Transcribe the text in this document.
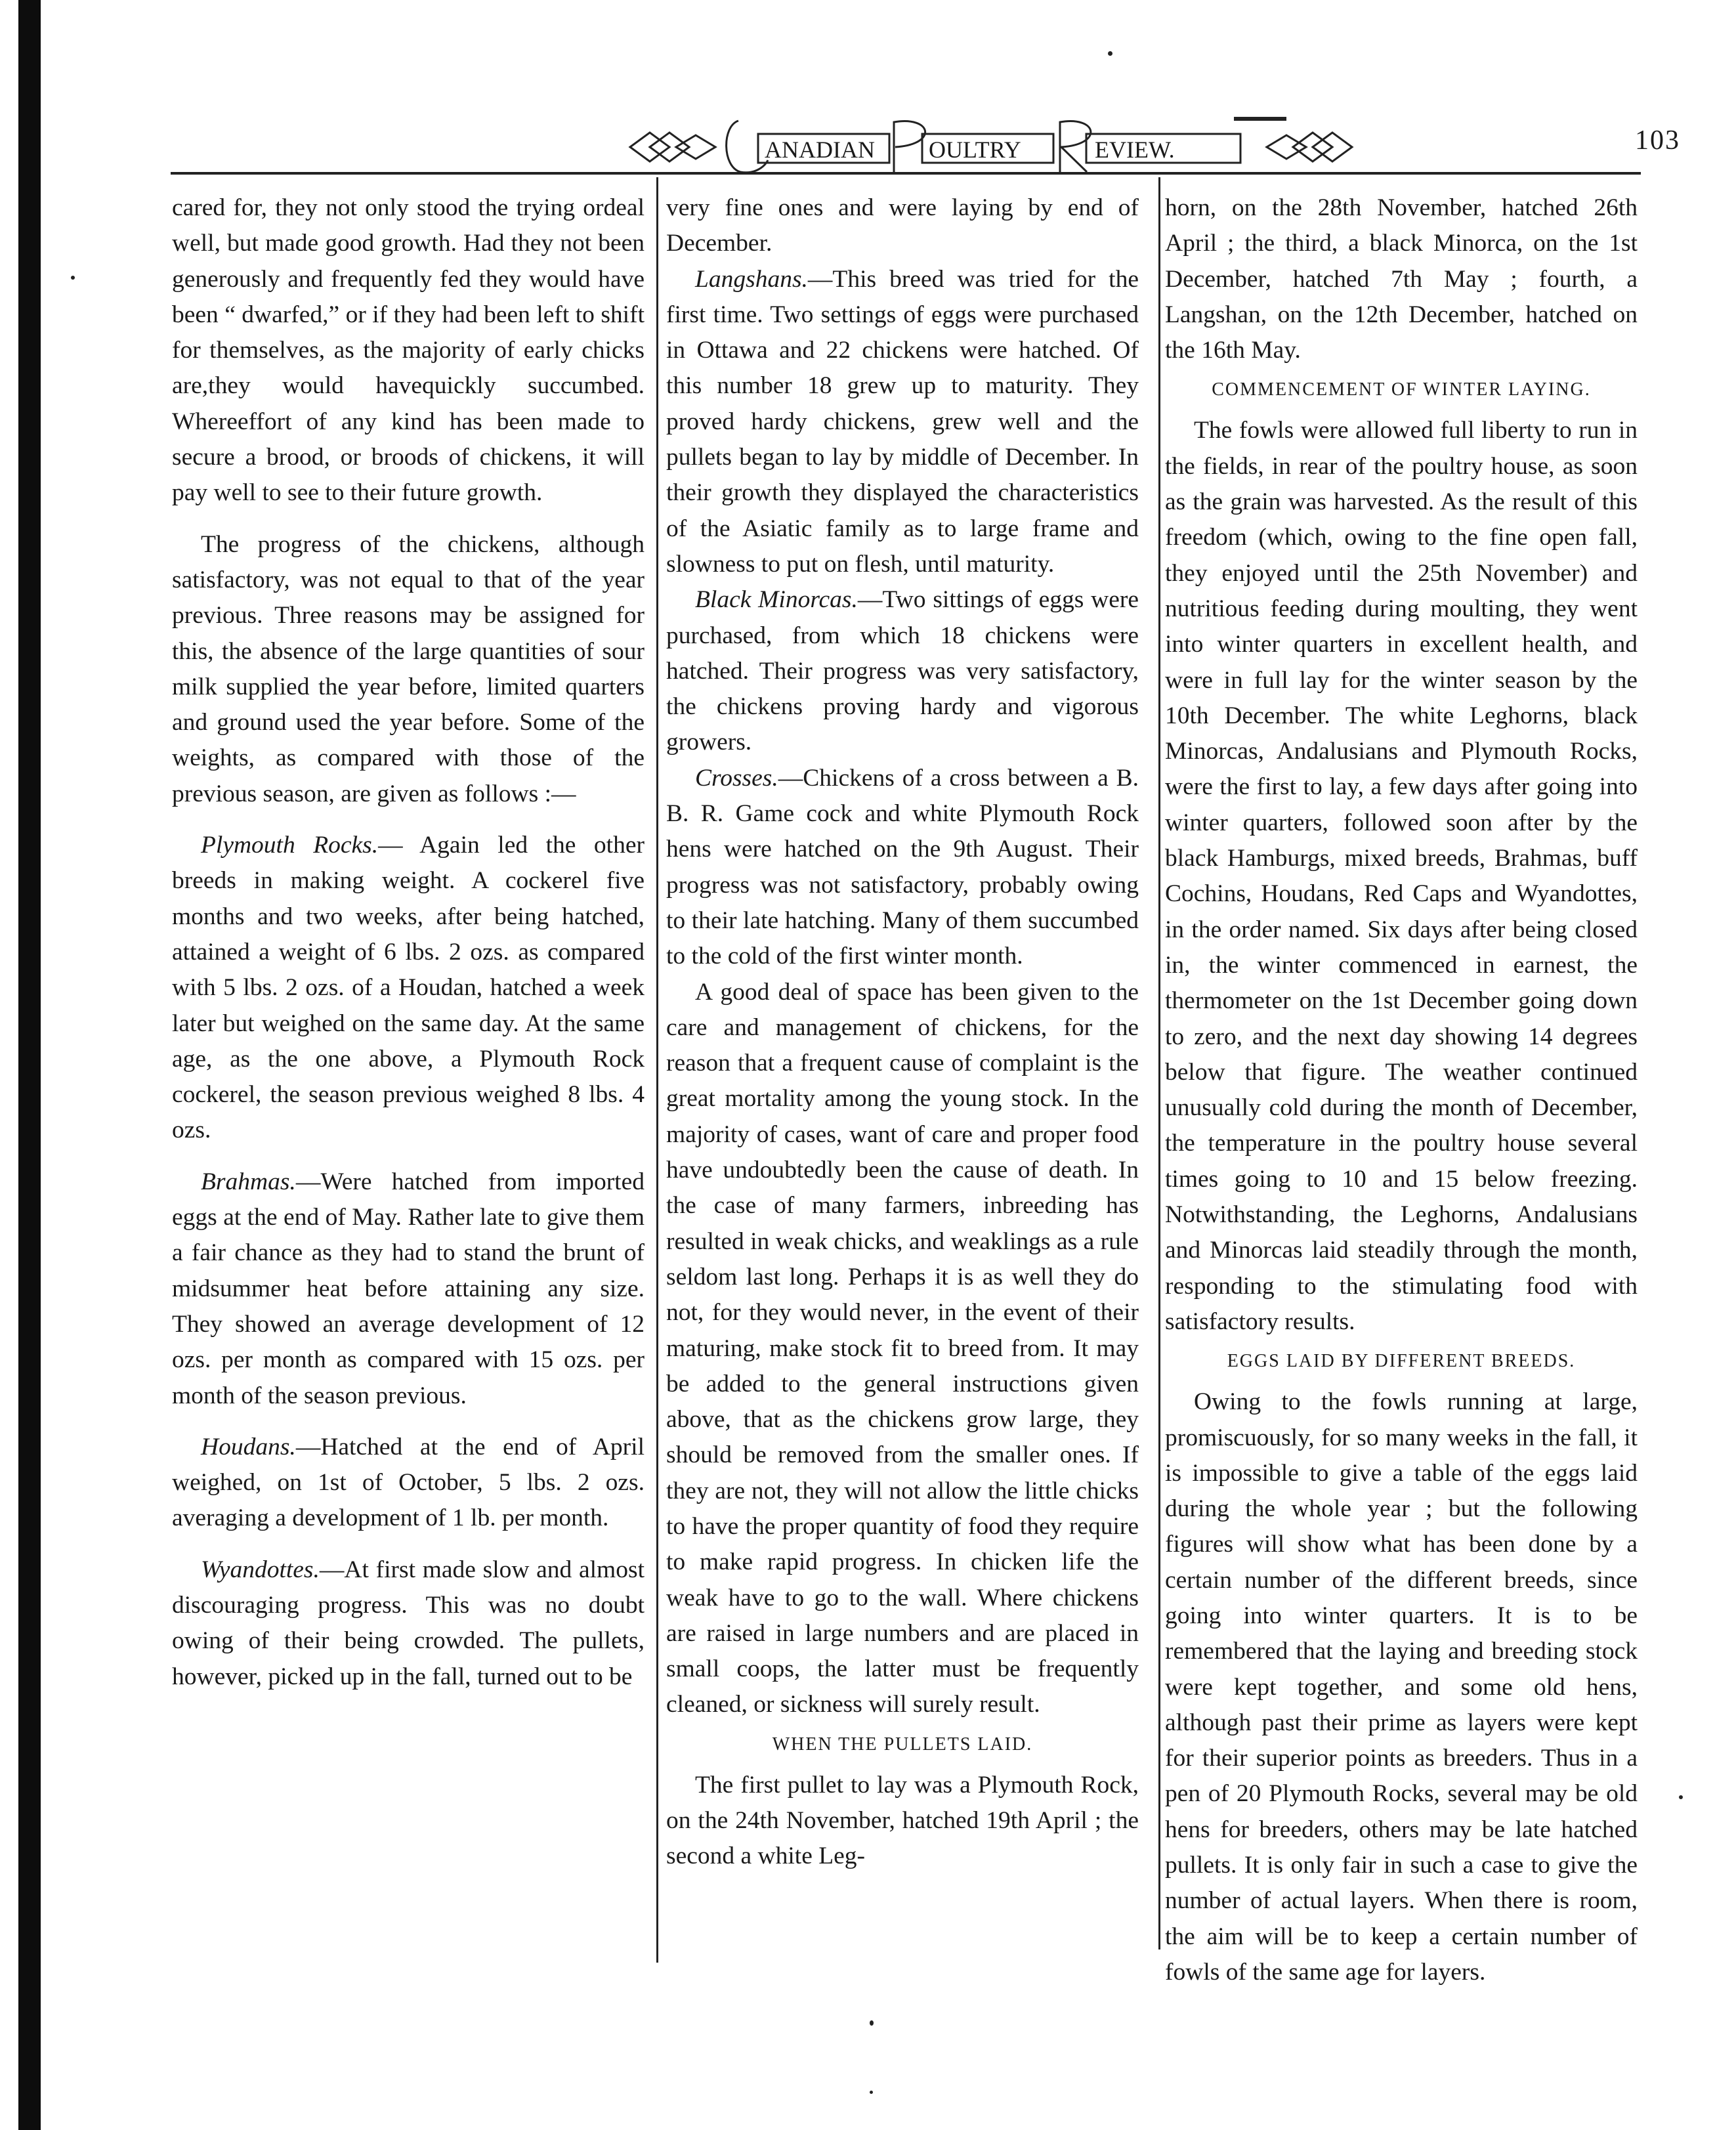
ANADIAN OULTRY	EVIEW.	103

cared for, they not only stood the trying ordeal well, but made good growth. Had they not been generously and frequently fed they would have been “ dwarfed,” or if they had been left to shift for themselves, as the majority of early chicks are,they would havequickly succumbed. Whereeffort of any kind has been made to secure a brood, or broods of chickens, it will pay well to see to their future growth.

The progress of the chickens, although satisfactory, was not equal to that of the year previous. Three reasons may be assigned for this, the absence of the large quantities of sour milk supplied the year before, limited quarters and ground used the year before. Some of the weights, as compared with those of the previous season, are given as follows :—

Plymouth Rocks.— Again led the other breeds in making weight. A cockerel five months and two weeks, after being hatched, attained a weight of 6 lbs. 2 ozs. as compared with 5 lbs. 2 ozs. of a Houdan, hatched a week later but weighed on the same day. At the same age, as the one above, a Plymouth Rock cockerel, the season previous weighed 8 lbs. 4 ozs.

Brahmas.—Were hatched from imported eggs at the end of May. Rather late to give them a fair chance as they had to stand the brunt of midsummer heat before attaining any size. They showed an average development of 12 ozs. per month as compared with 15 ozs. per month of the season previous.

Houdans.—Hatched at the end of April weighed, on 1st of October, 5 lbs. 2 ozs. averaging a development of 1 lb. per month.

Wyandottes.—At first made slow and almost discouraging progress. This was no doubt owing of their being crowded. The pullets, however, picked up in the fall, turned out to be

very fine ones and were laying by end of December.

Langshans.—This breed was tried for the first time. Two settings of eggs were purchased in Ottawa and 22 chickens were hatched. Of this number 18 grew up to maturity. They proved hardy chickens, grew well and the pullets began to lay by middle of December. In their growth they displayed the characteristics of the Asiatic family as to large frame and slowness to put on flesh, until maturity.

Black Minorcas.—Two sittings of eggs were purchased, from which 18 chickens were hatched. Their progress was very satisfactory, the chickens proving hardy and vigorous growers.

Crosses.—Chickens of a cross between a B. B. R. Game cock and white Plymouth Rock hens were hatched on the 9th August. Their progress was not satisfactory, probably owing to their late hatching. Many of them succumbed to the cold of the first winter month.

A good deal of space has been given to the care and management of chickens, for the reason that a frequent cause of complaint is the great mortality among the young stock. In the majority of cases, want of care and proper food have undoubtedly been the cause of death. In the case of many farmers, inbreeding has resulted in weak chicks, and weaklings as a rule seldom last long. Perhaps it is as well they do not, for they would never, in the event of their maturing, make stock fit to breed from. It may be added to the general instructions given above, that as the chickens grow large, they should be removed from the smaller ones. If they are not, they will not allow the little chicks to have the proper quantity of food they require to make rapid progress. In chicken life the weak have to go to the wall. Where chickens are raised in large numbers and are placed in small coops, the latter must be frequently cleaned, or sickness will surely result.

WHEN THE PULLETS LAID.

The first pullet to lay was a Plymouth Rock, on the 24th November, hatched 19th April ; the second a white Leg-

horn, on the 28th November, hatched 26th April ; the third, a black Minorca, on the 1st December, hatched 7th May ; fourth, a Langshan, on the 12th December, hatched on the 16th May.

COMMENCEMENT OF WINTER LAYING.

The fowls were allowed full liberty to run in the fields, in rear of the poultry house, as soon as the grain was harvested. As the result of this freedom (which, owing to the fine open fall, they enjoyed until the 25th November) and nutritious feeding during moulting, they went into winter quarters in excellent health, and were in full lay for the winter season by the 10th December. The white Leghorns, black Minorcas, Andalusians and Plymouth Rocks, were the first to lay, a few days after going into winter quarters, followed soon after by the black Hamburgs, mixed breeds, Brahmas, buff Cochins, Houdans, Red Caps and Wyandottes, in the order named. Six days after being closed in, the winter commenced in earnest, the thermometer on the 1st December going down to zero, and the next day showing 14 degrees below that figure. The weather continued unusually cold during the month of December, the temperature in the poultry house several times going to 10 and 15 below freezing. Notwithstanding, the Leghorns, Andalusians and Minorcas laid steadily through the month, responding to the stimulating food with satisfactory results.

EGGS LAID BY DIFFERENT BREEDS.

Owing to the fowls running at large, promiscuously, for so many weeks in the fall, it is impossible to give a table of the eggs laid during the whole year ; but the following figures will show what has been done by a certain number of the different breeds, since going into winter quarters. It is to be remembered that the laying and breeding stock were kept together, and some old hens, although past their prime as layers were kept for their superior points as breeders. Thus in a pen of 20 Plymouth Rocks, several may be old hens for breeders, others may be late hatched pullets. It is only fair in such a case to give the number of actual layers. When there is room, the aim will be to keep a certain number of fowls of the same age for layers.
